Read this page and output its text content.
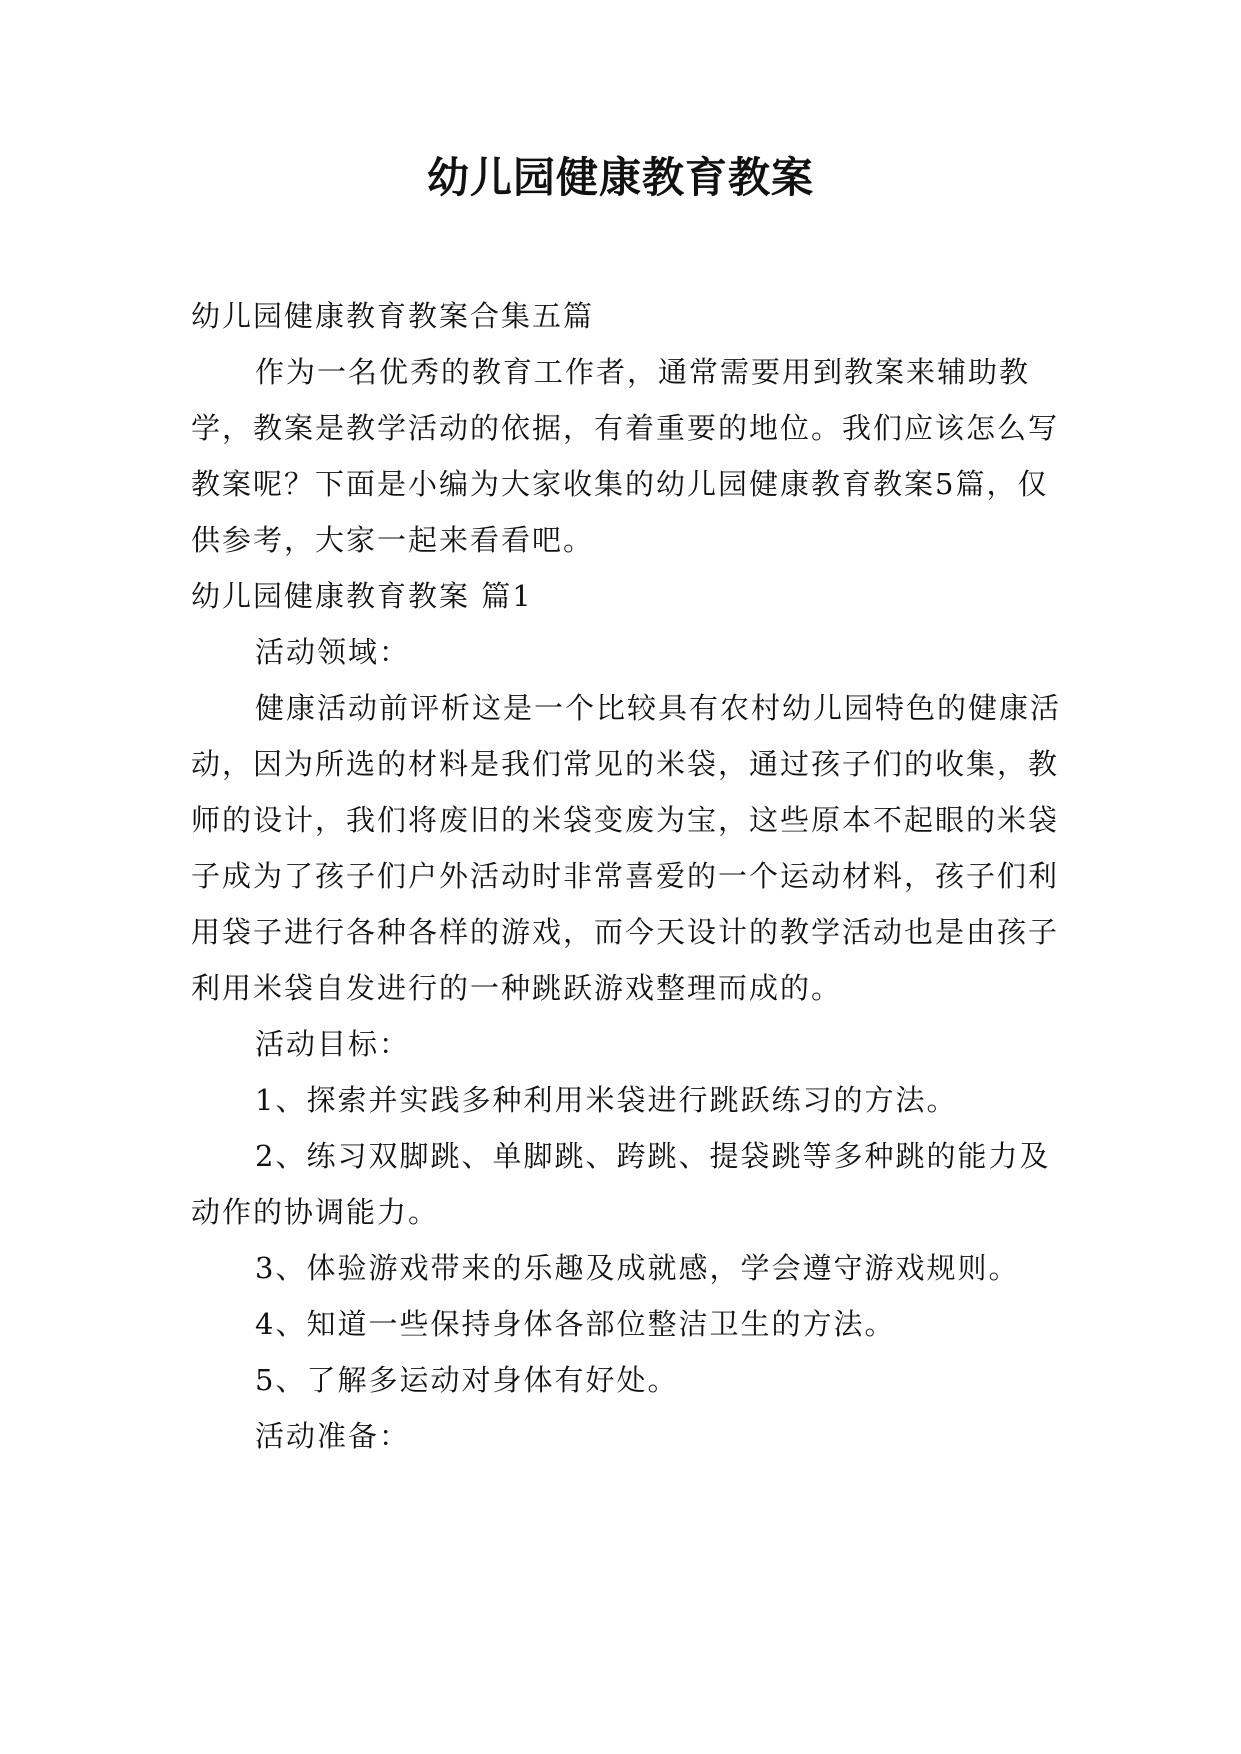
幼儿园健康教育教案

幼儿园健康教育教案合集五篇

作为一名优秀的教育工作者，通常需要用到教案来辅助教学，教案是教学活动的依据，有着重要的地位。我们应该怎么写教案呢？下面是小编为大家收集的幼儿园健康教育教案5篇，仅供参考，大家一起来看看吧。

幼儿园健康教育教案 篇1

活动领域：

健康活动前评析这是一个比较具有农村幼儿园特色的健康活动，因为所选的材料是我们常见的米袋，通过孩子们的收集，教师的设计，我们将废旧的米袋变废为宝，这些原本不起眼的米袋子成为了孩子们户外活动时非常喜爱的一个运动材料，孩子们利用袋子进行各种各样的游戏，而今天设计的教学活动也是由孩子利用米袋自发进行的一种跳跃游戏整理而成的。

活动目标：

1、探索并实践多种利用米袋进行跳跃练习的方法。

2、练习双脚跳、单脚跳、跨跳、提袋跳等多种跳的能力及动作的协调能力。

3、体验游戏带来的乐趣及成就感，学会遵守游戏规则。

4、知道一些保持身体各部位整洁卫生的方法。

5、了解多运动对身体有好处。

活动准备：
